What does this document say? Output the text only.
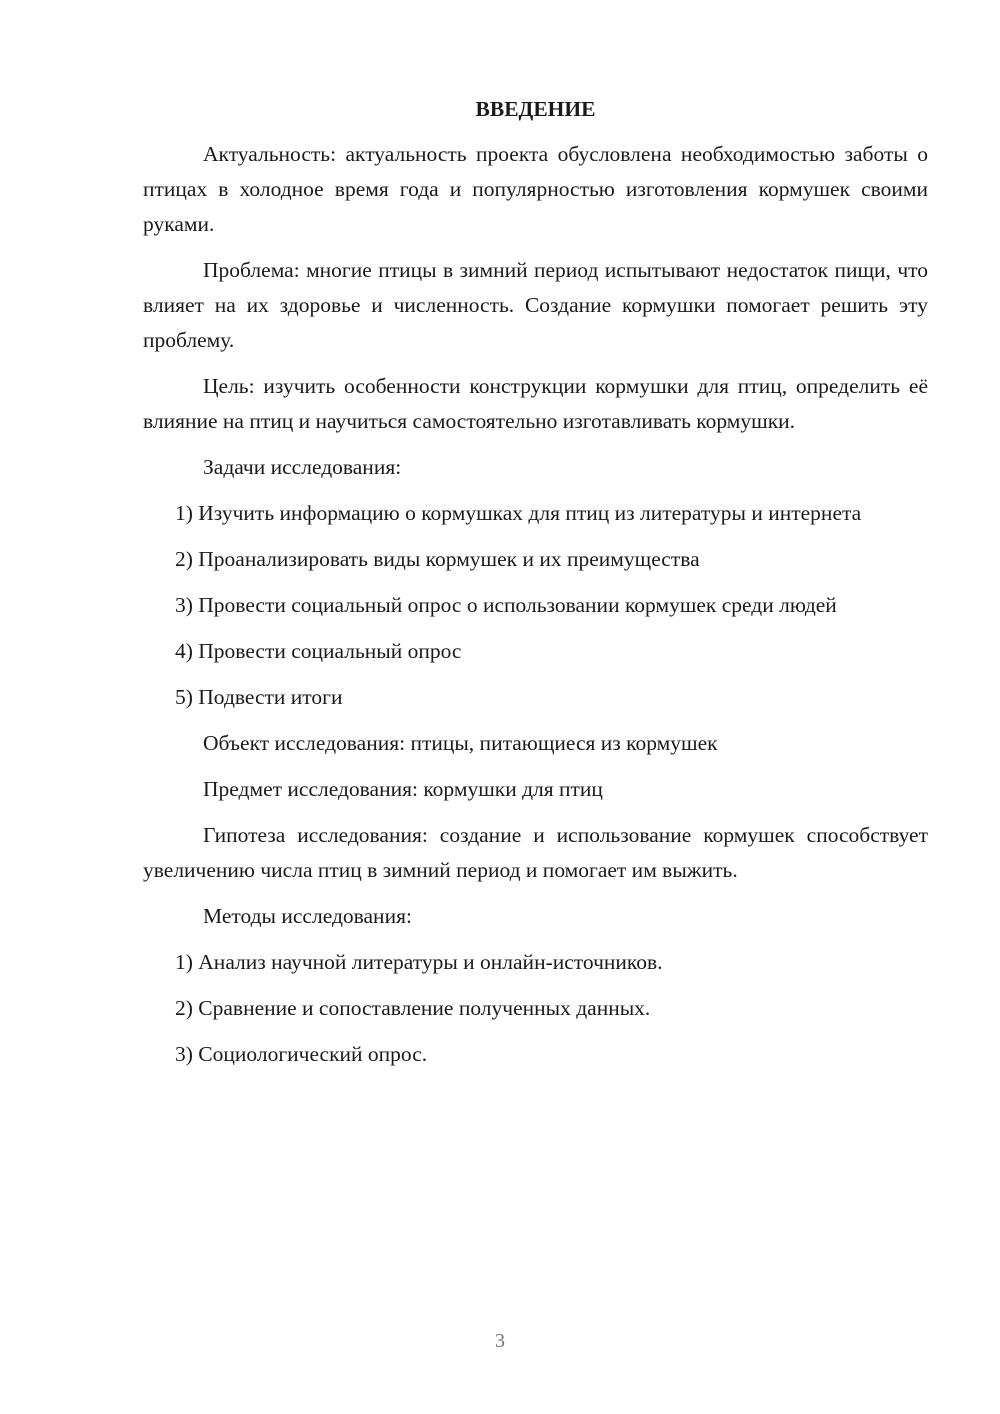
ВВЕДЕНИЕ

Актуальность: актуальность проекта обусловлена необходимостью заботы о птицах в холодное время года и популярностью изготовления кормушек своими руками.

Проблема: многие птицы в зимний период испытывают недостаток пищи, что влияет на их здоровье и численность. Создание кормушки помогает решить эту проблему.

Цель: изучить особенности конструкции кормушки для птиц, определить её влияние на птиц и научиться самостоятельно изготавливать кормушки.

Задачи исследования:

1) Изучить информацию о кормушках для птиц из литературы и интернета

2) Проанализировать виды кормушек и их преимущества

3) Провести социальный опрос о использовании кормушек среди людей

4) Провести социальный опрос

5) Подвести итоги

Объект исследования: птицы, питающиеся из кормушек

Предмет исследования: кормушки для птиц

Гипотеза исследования: создание и использование кормушек способствует увеличению числа птиц в зимний период и помогает им выжить.

Методы исследования:

1) Анализ научной литературы и онлайн-источников.

2) Сравнение и сопоставление полученных данных.

3) Социологический опрос.

3
